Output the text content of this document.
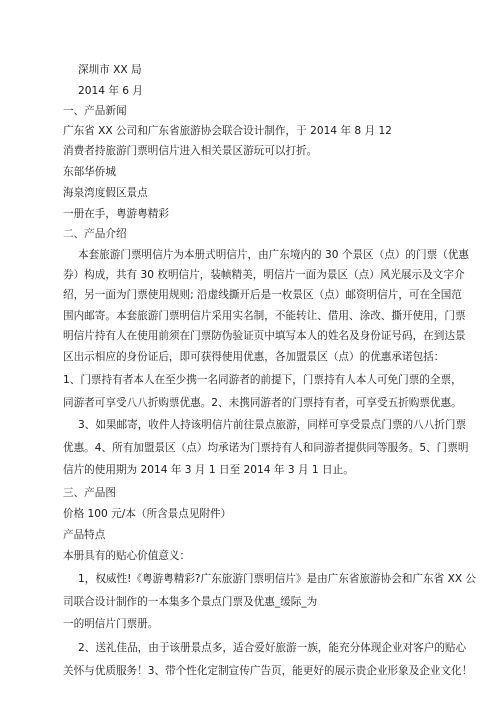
深圳市 XX 局
2014 年 6 月
一、产品新闻
广东省 XX 公司和广东省旅游协会联合设计制作，于 2014 年 8 月 12
消费者持旅游门票明信片进入相关景区游玩可以打折。
东部华侨城
海泉湾度假区景点
一册在手，粤游粤精彩
二、产品介绍
本套旅游门票明信片为本册式明信片，由广东境内的 30 个景区（点）的门票（优惠
券）构成，共有 30 枚明信片，装帧精美，明信片一面为景区（点）风光展示及文字介
绍，另一面为门票使用规则; 沿虚线撕开后是一枚景区（点）邮资明信片，可在全国范
围内邮寄。本套旅游门票明信片采用实名制，不能转让、借用、涂改、撕开使用，门票
明信片持有人在使用前须在门票防伪验证页中填写本人的姓名及身份证号码，在到达景
区出示相应的身份证后，即可获得使用优惠，各加盟景区（点）的优惠承诺包括：
1、门票持有者本人在至少携一名同游者的前提下，门票持有人本人可免门票的全票，
同游者可享受八八折购票优惠。2、未携同游者的门票持有者，可享受五折购票优惠。
3、如果邮寄，收件人持该明信片前往景点旅游，同样可享受景点门票的八八折门票
优惠。4、所有加盟景区（点）均承诺为门票持有人和同游者提供同等服务。5、门票明
信片的使用期为 2014 年 3 月 1 日至 2014 年 3 月 1 日止。
三、产品图
价格 100 元/本（所含景点见附件）
产品特点
本册具有的贴心价值意义：
1，权威性!《粤游粤精彩?广东旅游门票明信片》是由广东省旅游协会和广东省 XX 公
司联合设计制作的一本集多个景点门票及优惠_缓际_为
一的明信片门票册。
2、送礼佳品，由于该册景点多，适合爱好旅游一族，能充分体现企业对客户的贴心
关怀与优质服务！3、带个性化定制宣传广告页，能更好的展示贵企业形象及企业文化！
